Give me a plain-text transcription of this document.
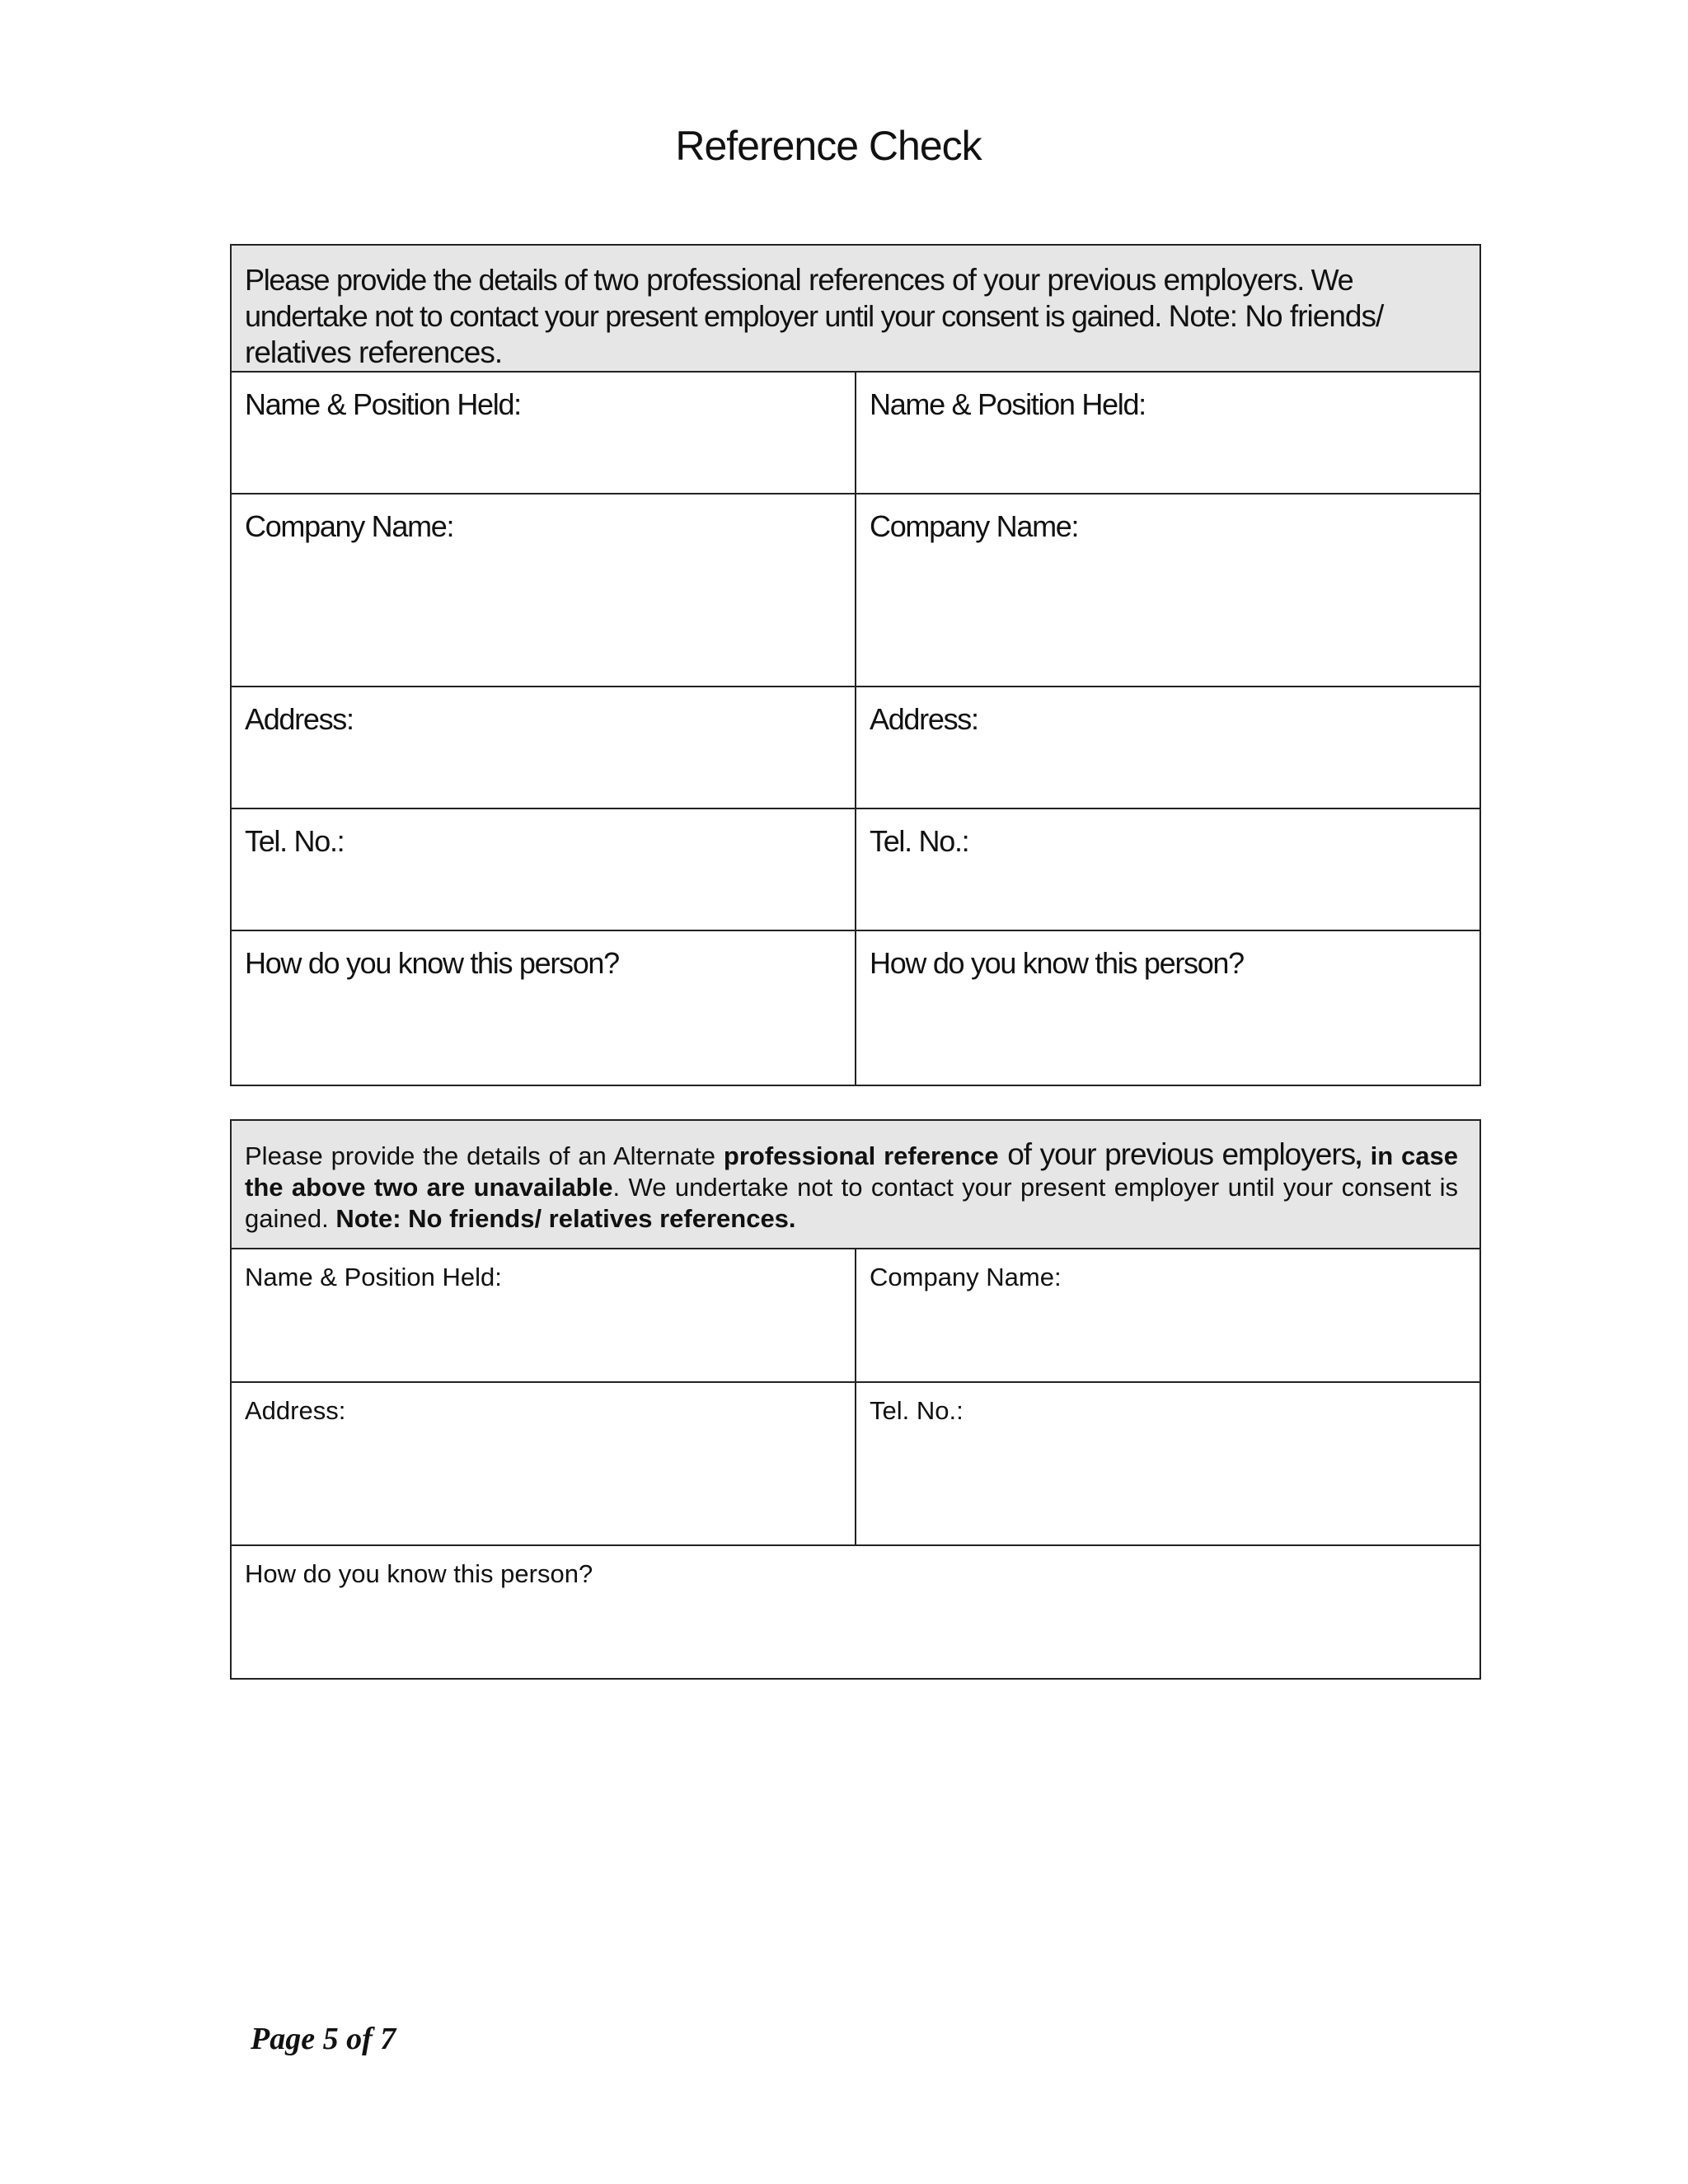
Reference Check
Please provide the details of two professional references of your previous employers. We undertake not to contact your present employer until your consent is gained. Note: No friends/ relatives references.	
Name & Position Held:	Name & Position Held:
Company Name:	Company Name:
Address:	Address:
Tel. No.:	Tel. No.:
How do you know this person?	How do you know this person?
Please provide the details of an Alternate professional reference of your previous employers, in case the above two are unavailable. We undertake not to contact your present employer until your consent is gained. Note: No friends/ relatives references.	
Name & Position Held:	Company Name:
Address:	Tel. No.:
How do you know this person?	
Page 5 of 7
